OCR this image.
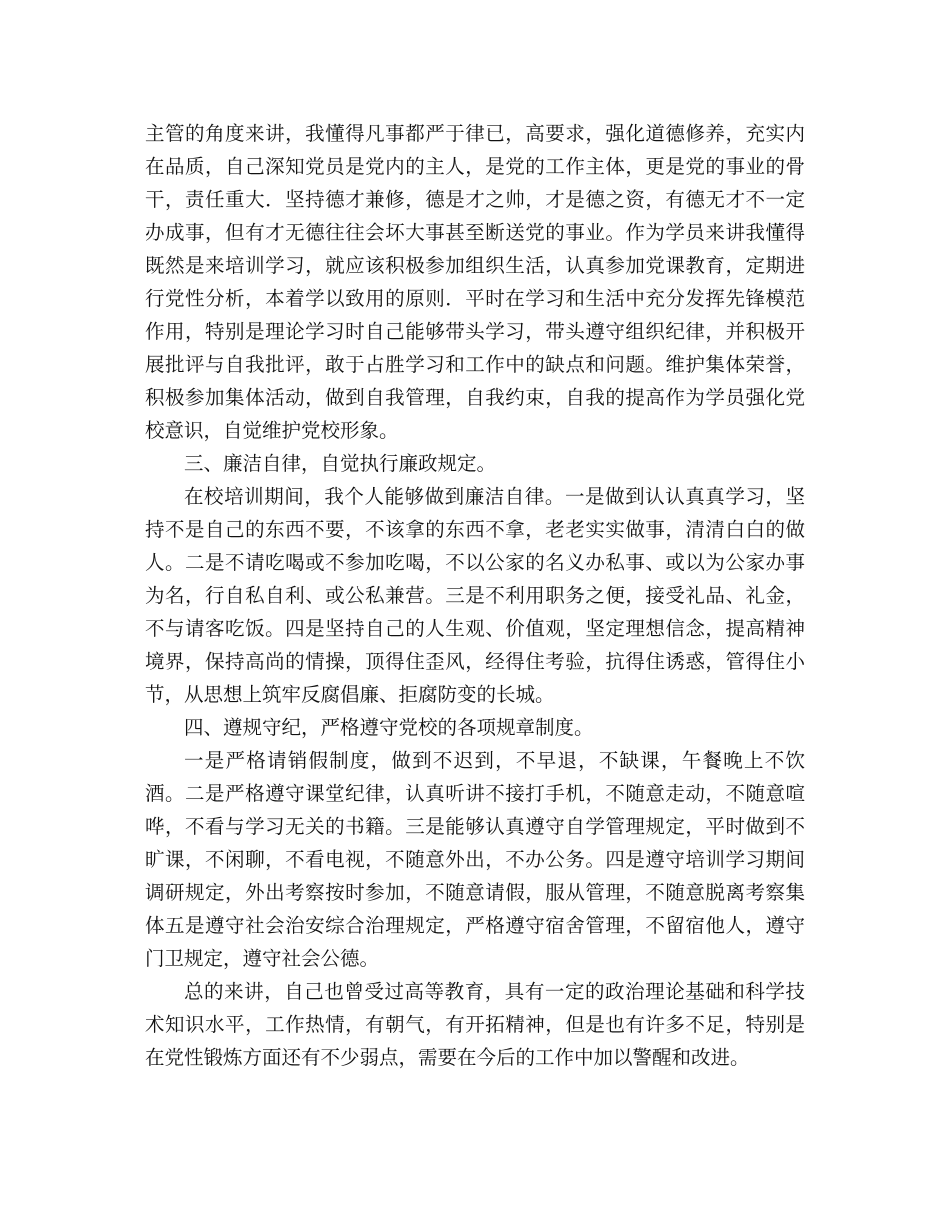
主管的角度来讲，我懂得凡事都严于律已，高要求，强化道德修养，充实内在品质，自己深知党员是党内的主人，是党的工作主体，更是党的事业的骨干，责任重大．坚持德才兼修，德是才之帅，才是德之资，有德无才不一定办成事，但有才无德往往会坏大事甚至断送党的事业。作为学员来讲我懂得既然是来培训学习，就应该积极参加组织生活，认真参加党课教育，定期进行党性分析，本着学以致用的原则．平时在学习和生活中充分发挥先锋模范作用，特别是理论学习时自己能够带头学习，带头遵守组织纪律，并积极开展批评与自我批评，敢于占胜学习和工作中的缺点和问题。维护集体荣誉，积极参加集体活动，做到自我管理，自我约束，自我的提高作为学员强化党校意识，自觉维护党校形象。

三、廉洁自律，自觉执行廉政规定。

在校培训期间，我个人能够做到廉洁自律。一是做到认认真真学习，坚持不是自己的东西不要，不该拿的东西不拿，老老实实做事，清清白白的做人。二是不请吃喝或不参加吃喝，不以公家的名义办私事、或以为公家办事为名，行自私自利、或公私兼营。三是不利用职务之便，接受礼品、礼金，不与请客吃饭。四是坚持自己的人生观、价值观，坚定理想信念，提高精神境界，保持高尚的情操，顶得住歪风，经得住考验，抗得住诱惑，管得住小节，从思想上筑牢反腐倡廉、拒腐防变的长城。

四、遵规守纪，严格遵守党校的各项规章制度。

一是严格请销假制度，做到不迟到，不早退，不缺课，午餐晚上不饮酒。二是严格遵守课堂纪律，认真听讲不接打手机，不随意走动，不随意喧哗，不看与学习无关的书籍。三是能够认真遵守自学管理规定，平时做到不旷课，不闲聊，不看电视，不随意外出，不办公务。四是遵守培训学习期间调研规定，外出考察按时参加，不随意请假，服从管理，不随意脱离考察集体五是遵守社会治安综合治理规定，严格遵守宿舍管理，不留宿他人，遵守门卫规定，遵守社会公德。

总的来讲，自己也曾受过高等教育，具有一定的政治理论基础和科学技术知识水平，工作热情，有朝气，有开拓精神，但是也有许多不足，特别是在党性锻炼方面还有不少弱点，需要在今后的工作中加以警醒和改进。
